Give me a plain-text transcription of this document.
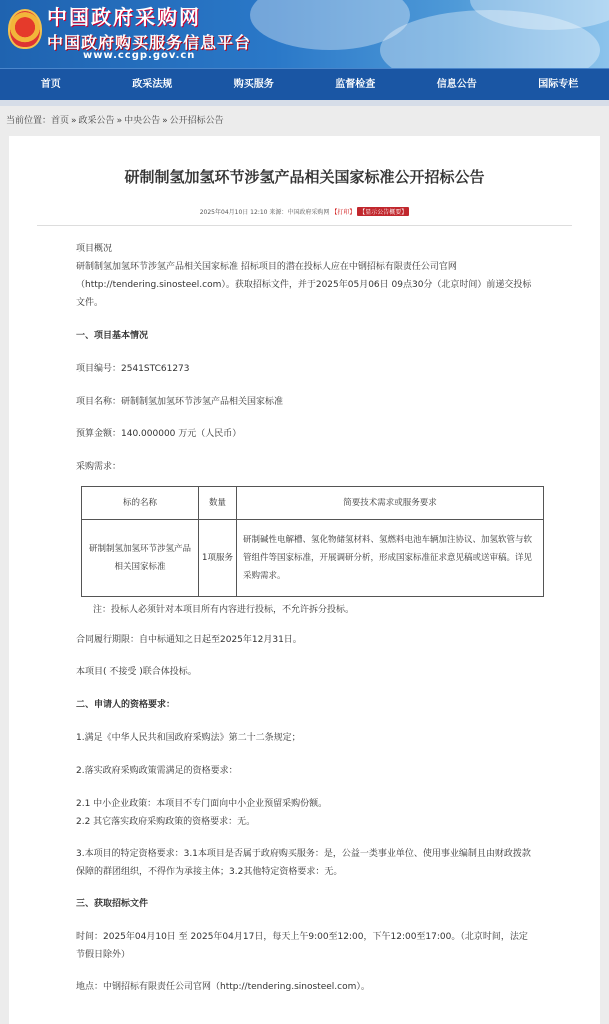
中国政府采购网
中国政府购买服务信息平台
www.ccgp.gov.cn
首页	政采法规	购买服务	监督检查	信息公告	国际专栏
当前位置：首页 » 政采公告 » 中央公告 » 公开招标公告
研制制氢加氢环节涉氢产品相关国家标准公开招标公告
2025年04月10日 12:10 来源：中国政府采购网 【打印】 【显示公告概要】

项目概况

研制制氢加氢环节涉氢产品相关国家标准 招标项目的潜在投标人应在中钢招标有限责任公司官网（http://tendering.sinosteel.com）。获取招标文件，并于2025年05月06日 09点30分（北京时间）前递交投标文件。

一、项目基本情况

项目编号：2541STC61273

项目名称：研制制氢加氢环节涉氢产品相关国家标准

预算金额：140.000000 万元（人民币）

采购需求：

标的名称	数量	简要技术需求或服务要求
研制制氢加氢环节涉氢产品相关国家标准	1项服务	研制碱性电解槽、氢化物储氢材料、氢燃料电池车辆加注协议、加氢软管与软管组件等国家标准，开展调研分析，形成国家标准征求意见稿或送审稿。详见采购需求。

注：投标人必须针对本项目所有内容进行投标，不允许拆分投标。

合同履行期限：自中标通知之日起至2025年12月31日。

本项目( 不接受 )联合体投标。

二、申请人的资格要求：

1.满足《中华人民共和国政府采购法》第二十二条规定；

2.落实政府采购政策需满足的资格要求：

2.1 中小企业政策：本项目不专门面向中小企业预留采购份额。

2.2 其它落实政府采购政策的资格要求：无。

3.本项目的特定资格要求：3.1本项目是否属于政府购买服务：是，公益一类事业单位、使用事业编制且由财政拨款保障的群团组织，不得作为承接主体；3.2其他特定资格要求：无。

三、获取招标文件

时间：2025年04月10日 至 2025年04月17日，每天上午9:00至12:00，下午12:00至17:00。（北京时间，法定节假日除外）

地点：中钢招标有限责任公司官网（http://tendering.sinosteel.com）。
